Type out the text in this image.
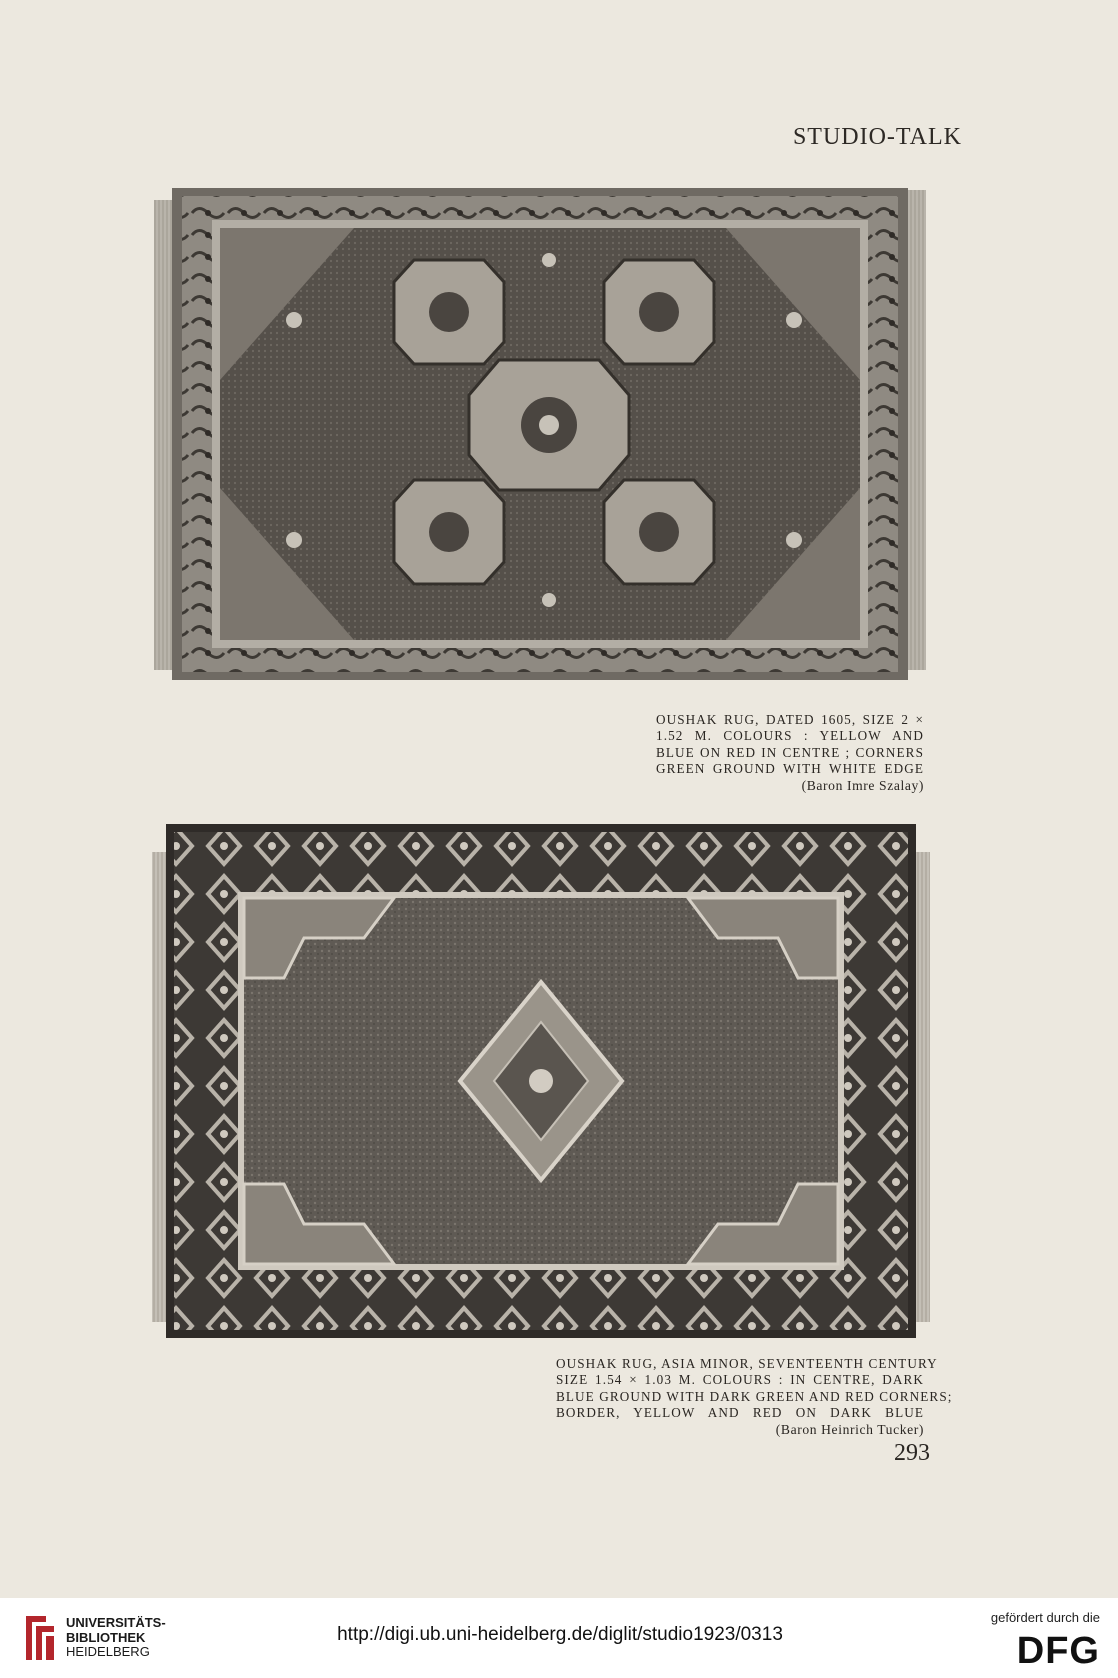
STUDIO-TALK
OUSHAK RUG, DATED 1605, SIZE 2 ×
1.52 M. COLOURS : YELLOW AND
BLUE ON RED IN CENTRE ; CORNERS
GREEN GROUND WITH WHITE EDGE
(Baron Imre Szalay)
OUSHAK RUG, ASIA MINOR, SEVENTEENTH CENTURY
SIZE 1.54 × 1.03 M. COLOURS : IN CENTRE, DARK
BLUE GROUND WITH DARK GREEN AND RED CORNERS;
BORDER, YELLOW AND RED ON DARK BLUE
(Baron Heinrich Tucker)
293
UNIVERSITÄTS-
BIBLIOTHEK
HEIDELBERG
http://digi.ub.uni-heidelberg.de/diglit/studio1923/0313
gefördert durch die
DFG
